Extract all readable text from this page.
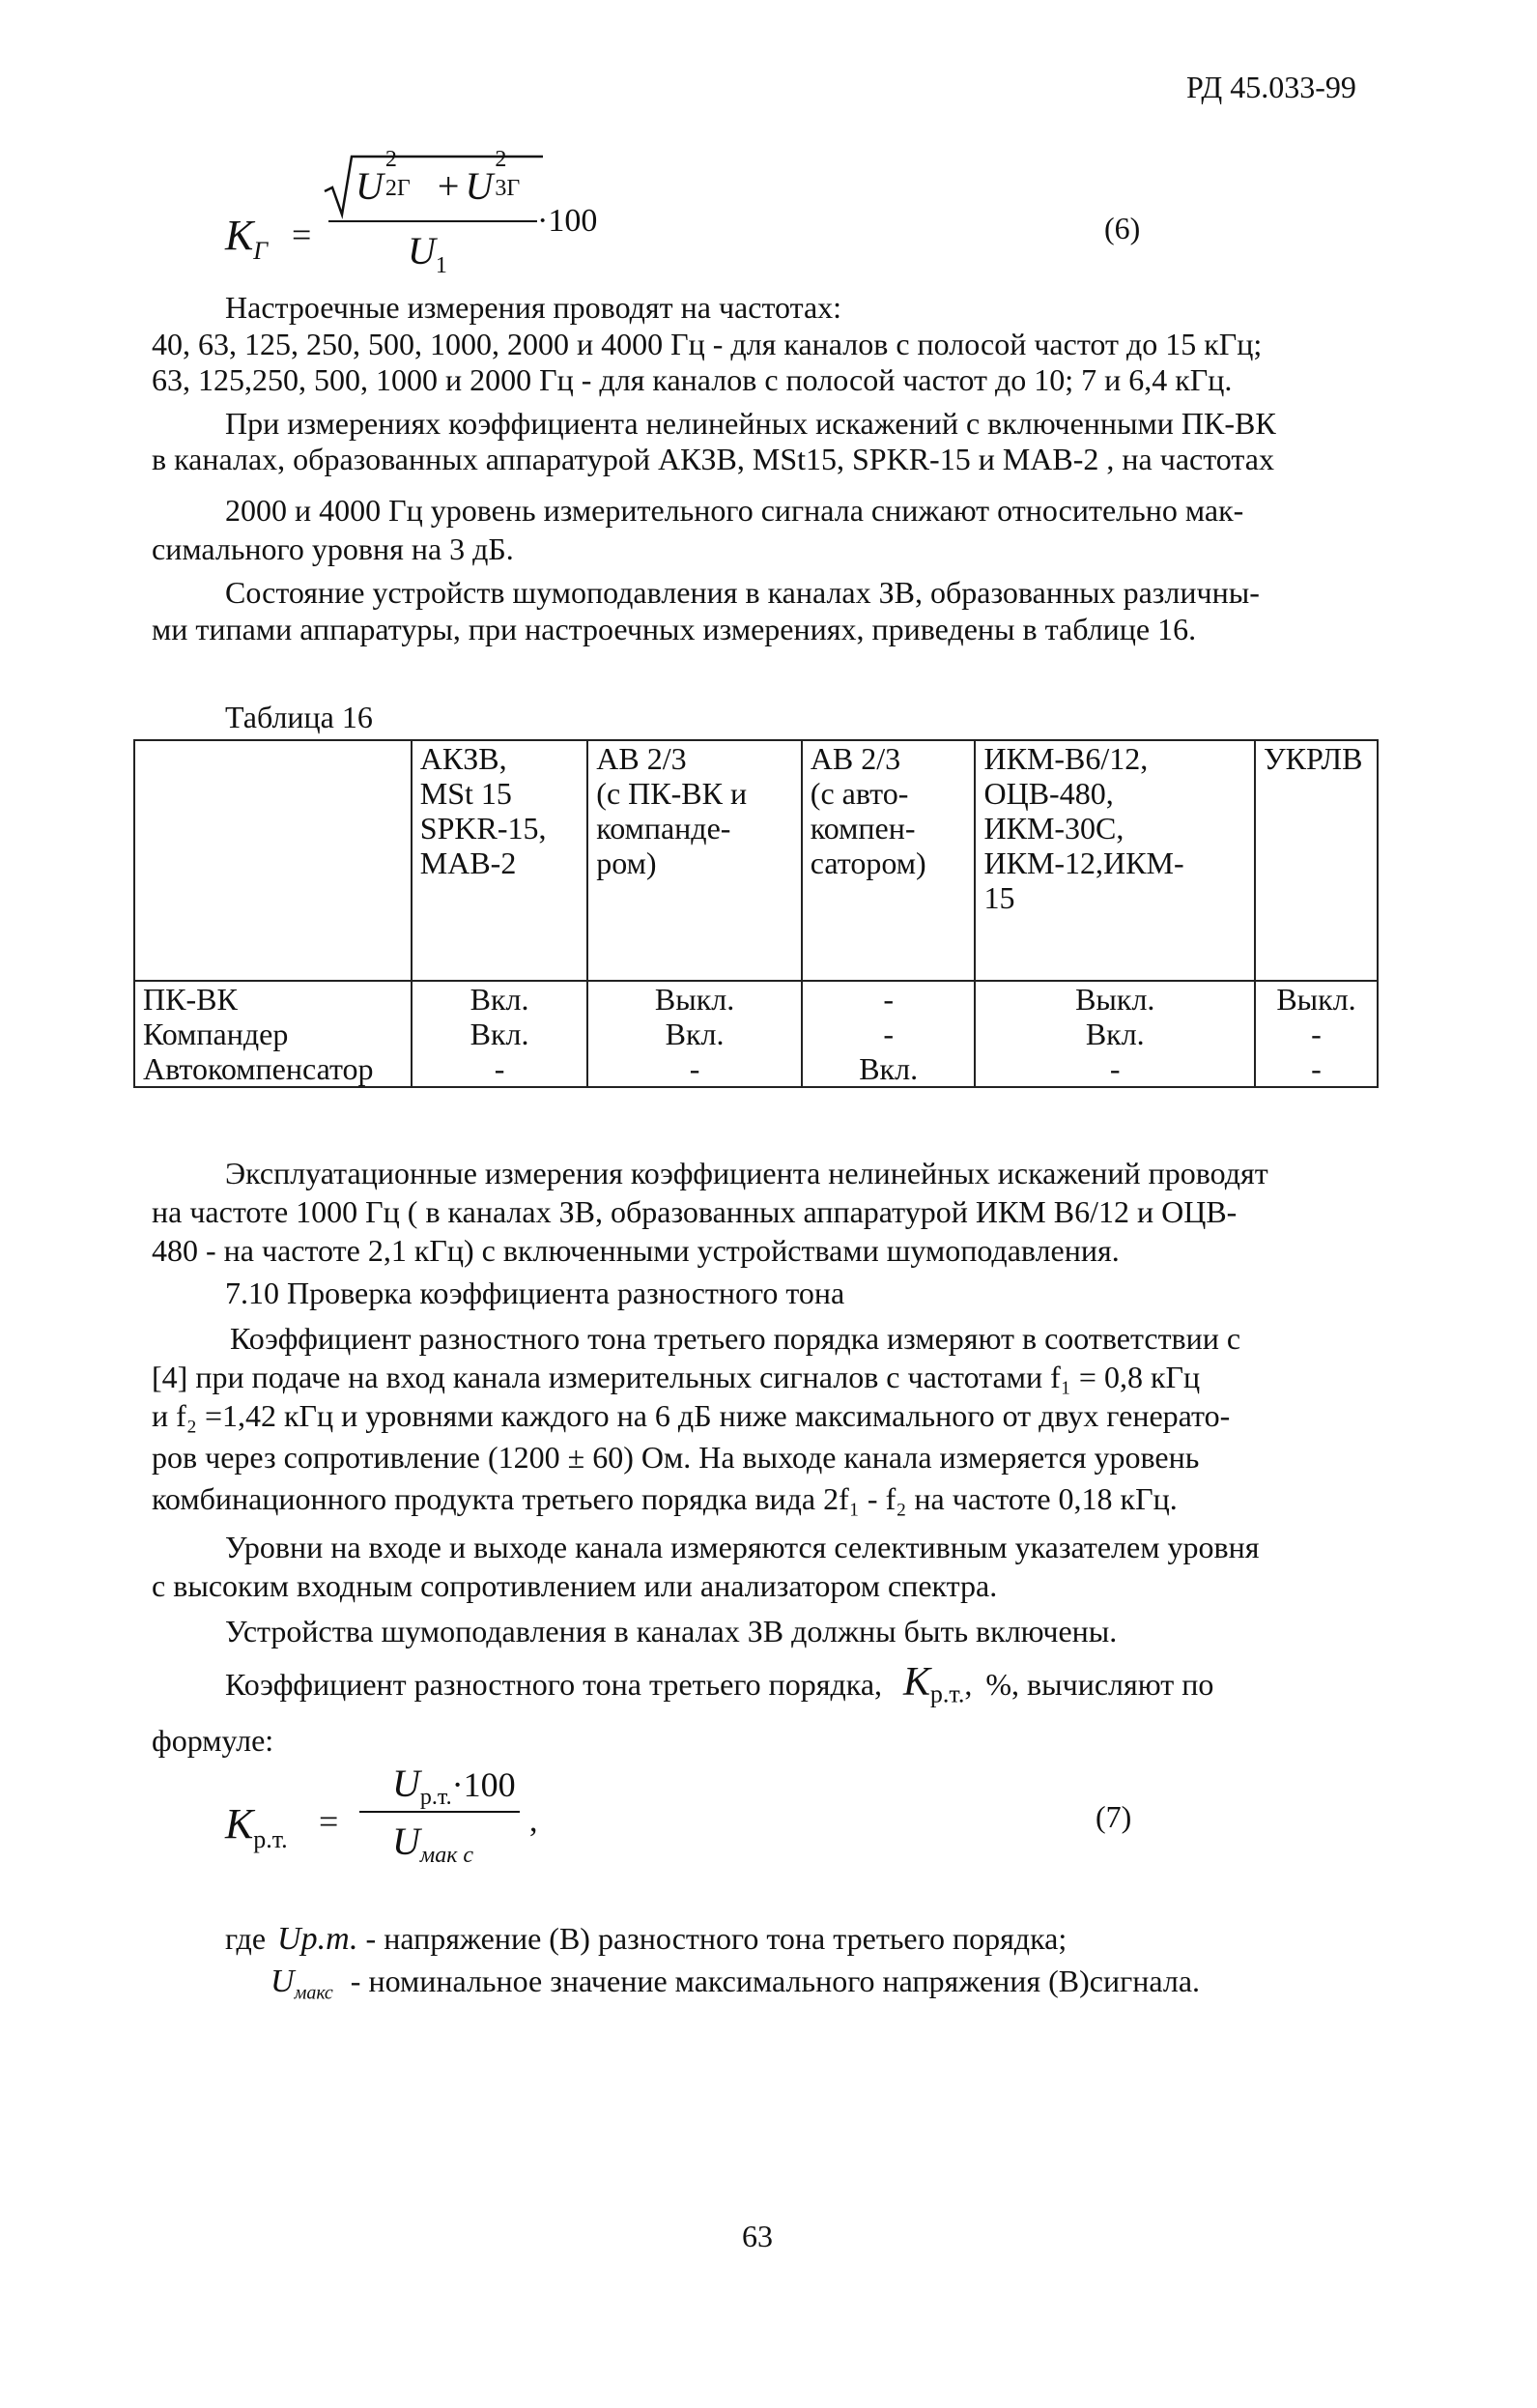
РД 45.033-99
$К_Г$ =
U
2
2Г + U
2
3Г
$U_1$
·100	(6)
Настроечные измерения проводят на частотах:
40, 63, 125, 250, 500, 1000, 2000 и 4000 Гц - для каналов с полосой частот до 15 кГц;
63, 125,250, 500, 1000 и 2000 Гц - для каналов с полосой частот до 10; 7 и 6,4 кГц.
При измерениях коэффициента нелинейных искажений с включенными ПК-ВК
в каналах, образованных аппаратурой АКЗВ, MSt15, SPKR-15 и МАВ-2 , на частотах
2000 и 4000 Гц уровень измерительного сигнала снижают относительно мак-
симального уровня на 3 дБ.
Состояние устройств шумоподавления в каналах ЗВ, образованных различны-
ми типами аппаратуры, при настроечных измерениях, приведены в таблице 16.
Таблица 16

	АКЗВ,
MSt 15
SPKR-15,
МАВ-2	АВ 2/3
(с ПК-ВК и
компанде-
ром)	АВ 2/3
(с авто-
компен-
сатором)	ИКМ-В6/12,
ОЦВ-480,
ИКМ-30С,
ИКМ-12,ИКМ-
15	УКРЛВ

ПК-ВК	Вкл.	Выкл.	-	Выкл.	Выкл.
Компандер	Вкл.	Вкл.	-	Вкл.	-
Автокомпенсатор	-	-	Вкл.	-	-
Эксплуатационные измерения коэффициента нелинейных искажений проводят
на частоте 1000 Гц ( в каналах ЗВ, образованных аппаратурой ИКМ В6/12 и ОЦВ-
480 - на частоте 2,1 кГц) с включенными устройствами шумоподавления.
7.10 Проверка коэффициента разностного тона
Коэффициент разностного тона третьего порядка измеряют в соответствии с
[4] при подаче на вход канала измерительных сигналов с частотами f₁ = 0,8 кГц
и f₂ =1,42 кГц и уровнями каждого на 6 дБ ниже максимального от двух генерато-
ров через сопротивление (1200 ± 60) Ом. На выходе канала измеряется уровень
комбинационного продукта третьего порядка вида 2f₁ - f₂ на частоте 0,18 кГц.
Уровни на входе и выходе канала измеряются селективным указателем уровня
с высоким входным сопротивлением или анализатором спектра.
Устройства шумоподавления в каналах ЗВ должны быть включены.
Коэффициент разностного тона третьего порядка, $К_{р.т.}$, %, вычисляют по
формуле:
$К_{р.т.}$ =
$U_{р.т.}\cdot 100$
$U_{мак с}$
,	(7)
где Uр.т. - напряжение (В) разностного тона третьего порядка;
$U_{макс}$ - номинальное значение максимального напряжения (В)сигнала.
63
